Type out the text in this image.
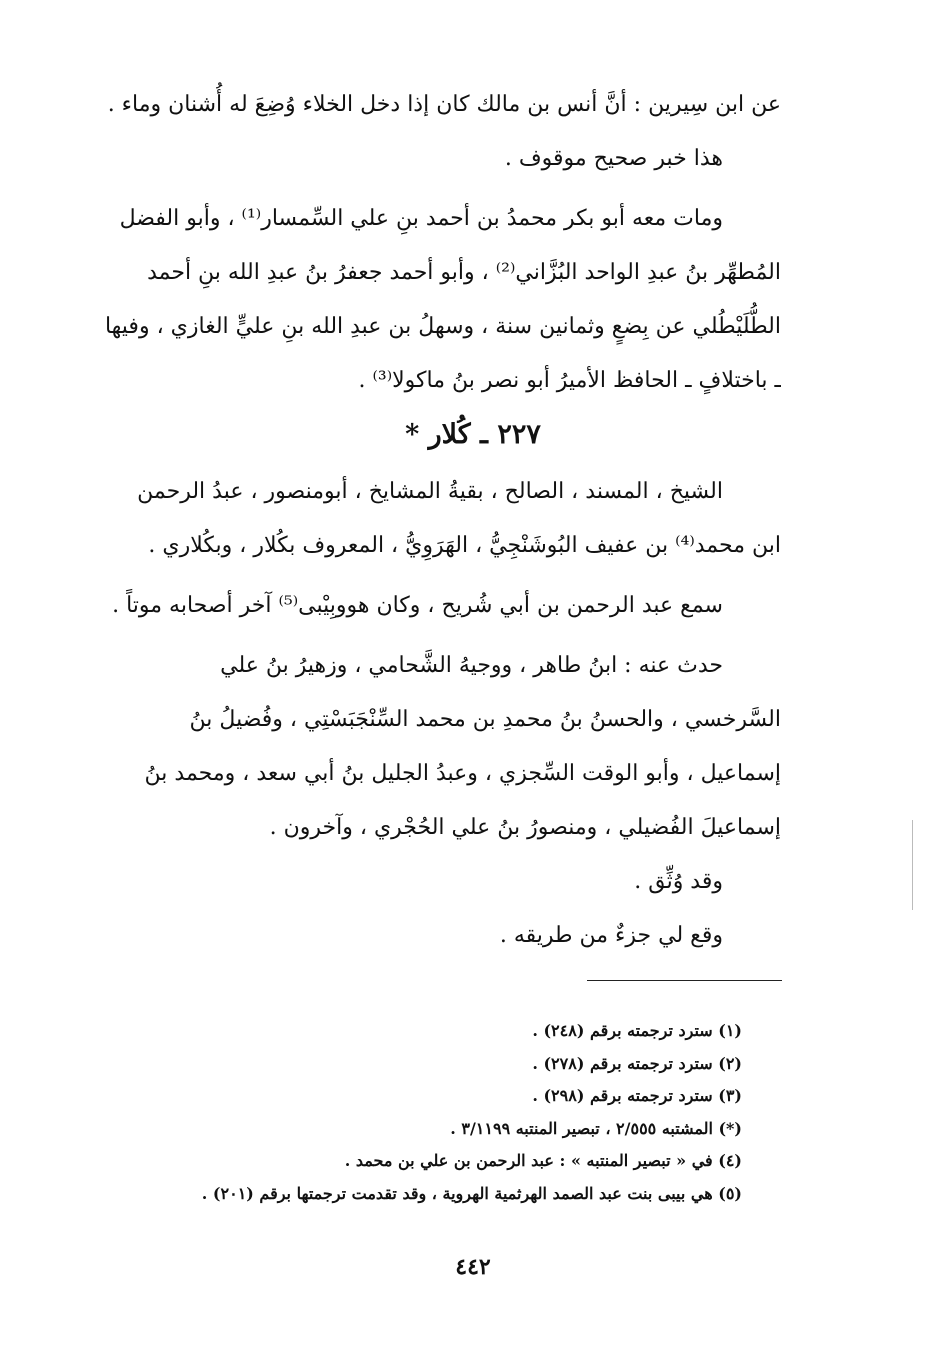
عن ابن سِيرين : أنَّ أنس بن مالك كان إذا دخل الخلاء وُضِعَ له أُشنان وماء .
هذا خبر صحيح موقوف .
ومات معه أبو بكر محمدُ بن أحمد بنِ علي السِّمسار⁽¹⁾ ، وأبو الفضل
المُطهِّر بنُ عبدِ الواحد البُزَّاني⁽²⁾ ، وأبو أحمد جعفرُ بنُ عبدِ الله بنِ أحمد
الطُّلَيْطُلي عن بِضعٍ وثمانين سنة ، وسهلُ بن عبدِ الله بنِ عليٍّ الغازي ، وفيها
ـ باختلافٍ ـ الحافظ الأميرُ أبو نصر بنُ ماكولا⁽³⁾ .
٢٢٧ ـ كُلار *
الشيخ ، المسند ، الصالح ، بقيةُ المشايخ ، أبومنصور ، عبدُ الرحمن
ابن محمد⁽⁴⁾ بن عفيف البُوشَنْجِيُّ ، الهَرَوِيُّ ، المعروف بكُلار ، وبكُلاري .
سمع عبد الرحمن بن أبي شُريح ، وكان هووبِيْبى⁽⁵⁾ آخر أصحابه موتاً .
حدث عنه : ابنُ طاهر ، ووجيهُ الشَّحامي ، وزهيرُ بنُ علي
السَّرخسي ، والحسنُ بنُ محمدِ بن محمد السِّنْجَبَسْتِي ، وفُضيلُ بنُ
إسماعيل ، وأبو الوقت السِّجزي ، وعبدُ الجليل بنُ أبي سعد ، ومحمد بنُ
إسماعيلَ الفُضيلي ، ومنصورُ بنُ علي الحُجْري ، وآخرون .
وقد وُثِّق .
وقع لي جزءٌ من طريقه .
(١) سترد ترجمته برقم (٢٤٨) .
(٢) سترد ترجمته برقم (٢٧٨) .
(٣) سترد ترجمته برقم (٢٩٨) .
(*) المشتبه ٢/٥٥٥ ، تبصير المنتبه ٣/١١٩٩ .
(٤) في « تبصير المنتبه » : عبد الرحمن بن علي بن محمد .
(٥) هي بيبى بنت عبد الصمد الهرثمية الهروية ، وقد تقدمت ترجمتها برقم (٢٠١) .
٤٤٢
